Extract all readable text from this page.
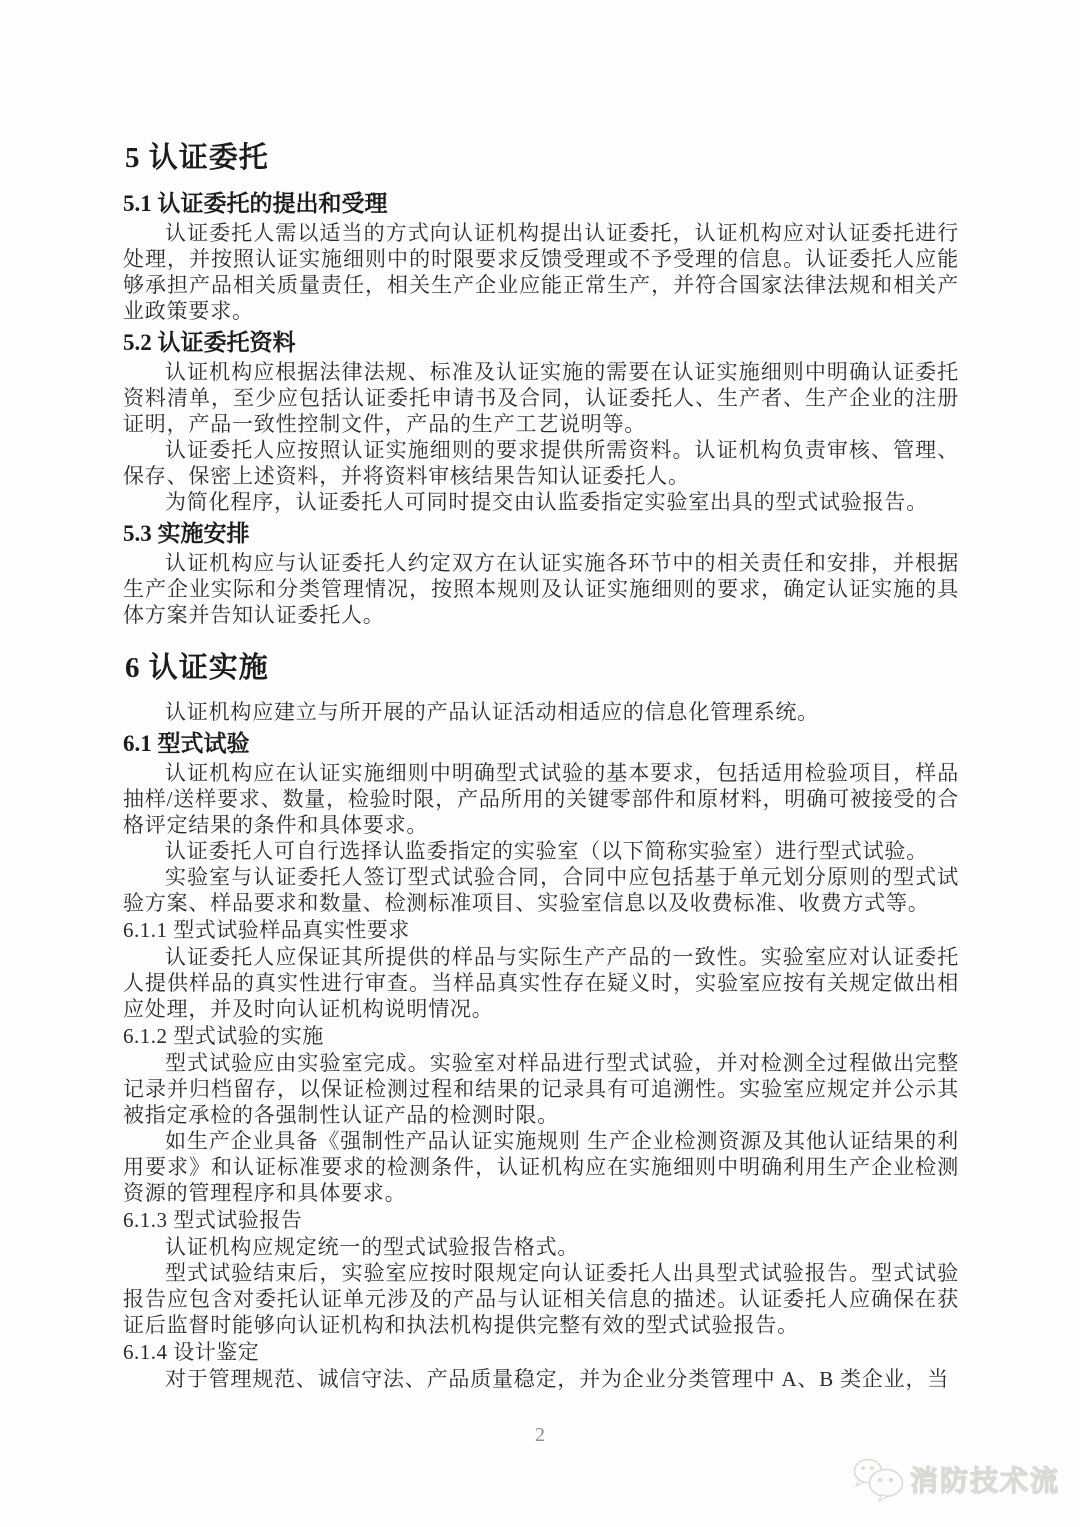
5 认证委托
5.1 认证委托的提出和受理

认证委托人需以适当的方式向认证机构提出认证委托，认证机构应对认证委托进行处理，并按照认证实施细则中的时限要求反馈受理或不予受理的信息。认证委托人应能够承担产品相关质量责任，相关生产企业应能正常生产，并符合国家法律法规和相关产业政策要求。

5.2 认证委托资料

认证机构应根据法律法规、标准及认证实施的需要在认证实施细则中明确认证委托资料清单，至少应包括认证委托申请书及合同，认证委托人、生产者、生产企业的注册证明，产品一致性控制文件，产品的生产工艺说明等。

认证委托人应按照认证实施细则的要求提供所需资料。认证机构负责审核、管理、保存、保密上述资料，并将资料审核结果告知认证委托人。

为简化程序，认证委托人可同时提交由认监委指定实验室出具的型式试验报告。

5.3 实施安排

认证机构应与认证委托人约定双方在认证实施各环节中的相关责任和安排，并根据生产企业实际和分类管理情况，按照本规则及认证实施细则的要求，确定认证实施的具体方案并告知认证委托人。

6 认证实施

认证机构应建立与所开展的产品认证活动相适应的信息化管理系统。

6.1 型式试验

认证机构应在认证实施细则中明确型式试验的基本要求，包括适用检验项目，样品抽样/送样要求、数量，检验时限，产品所用的关键零部件和原材料，明确可被接受的合格评定结果的条件和具体要求。

认证委托人可自行选择认监委指定的实验室（以下简称实验室）进行型式试验。

实验室与认证委托人签订型式试验合同，合同中应包括基于单元划分原则的型式试验方案、样品要求和数量、检测标准项目、实验室信息以及收费标准、收费方式等。

6.1.1 型式试验样品真实性要求

认证委托人应保证其所提供的样品与实际生产产品的一致性。实验室应对认证委托人提供样品的真实性进行审查。当样品真实性存在疑义时，实验室应按有关规定做出相应处理，并及时向认证机构说明情况。

6.1.2 型式试验的实施

型式试验应由实验室完成。实验室对样品进行型式试验，并对检测全过程做出完整记录并归档留存，以保证检测过程和结果的记录具有可追溯性。实验室应规定并公示其被指定承检的各强制性认证产品的检测时限。

如生产企业具备《强制性产品认证实施规则 生产企业检测资源及其他认证结果的利用要求》和认证标准要求的检测条件，认证机构应在实施细则中明确利用生产企业检测资源的管理程序和具体要求。

6.1.3 型式试验报告

认证机构应规定统一的型式试验报告格式。

型式试验结束后，实验室应按时限规定向认证委托人出具型式试验报告。型式试验报告应包含对委托认证单元涉及的产品与认证相关信息的描述。认证委托人应确保在获证后监督时能够向认证机构和执法机构提供完整有效的型式试验报告。

6.1.4 设计鉴定

对于管理规范、诚信守法、产品质量稳定，并为企业分类管理中 A、B 类企业，当

2
消防技术流
